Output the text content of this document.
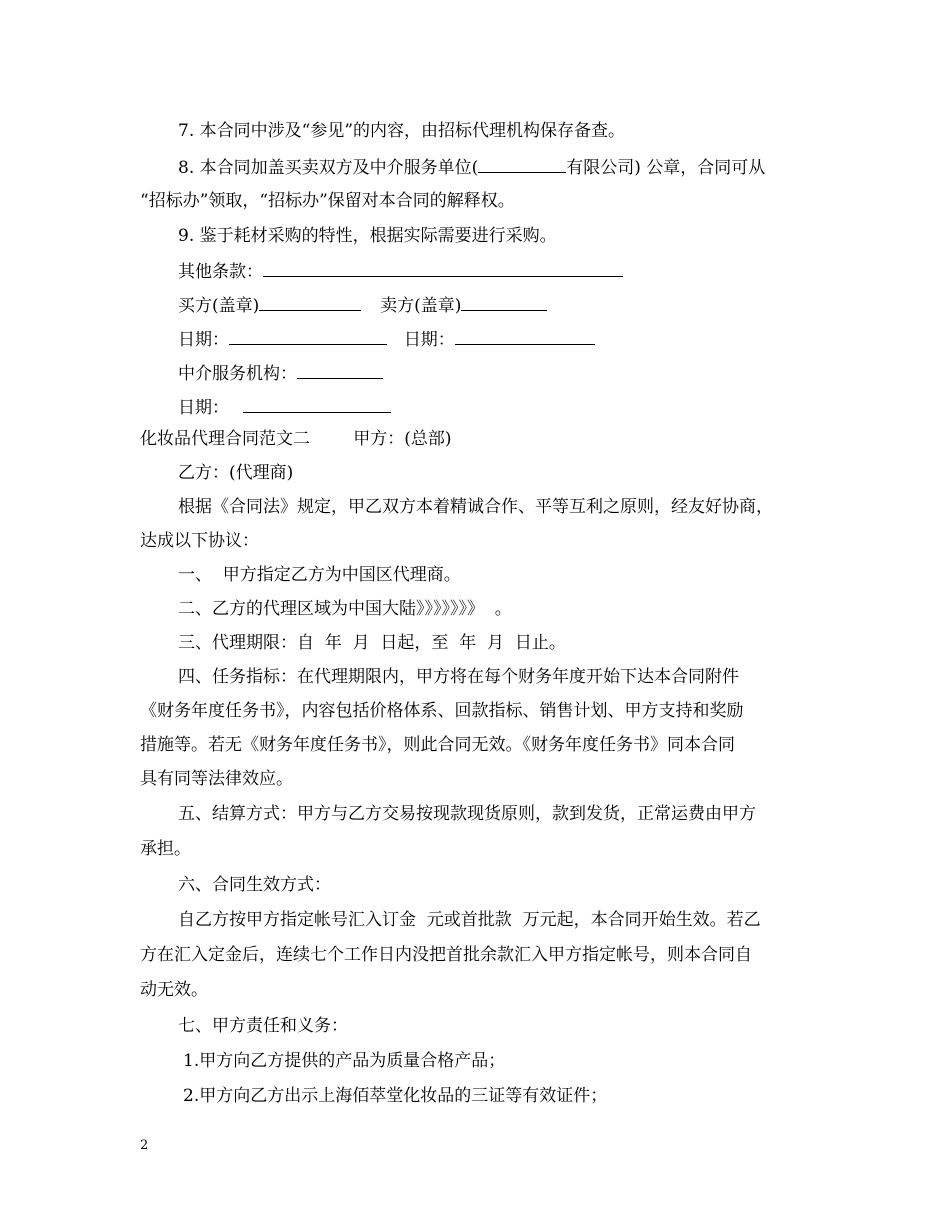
7. 本合同中涉及“参见”的内容，由招标代理机构保存备查。
8. 本合同加盖买卖双方及中介服务单位(	有限公司) 公章，合同可从
“招标办”领取，“招标办”保留对本合同的解释权。
9. 鉴于耗材采购的特性，根据实际需要进行采购。
其他条款：
买方(盖章)	卖方(盖章)
日期：	日期：
中介服务机构：
日期：
化妆品代理合同范文二        甲方：(总部)
乙方：(代理商)
根据《合同法》规定，甲乙双方本着精诚合作、平等互利之原则，经友好协商，
达成以下协议：
一、  甲方指定乙方为中国区代理商。
二、乙方的代理区域为中国大陆》》》》》》》  。
三、代理期限：自  年  月  日起，至  年  月  日止。
四、任务指标：在代理期限内，甲方将在每个财务年度开始下达本合同附件
《财务年度任务书》，内容包括价格体系、回款指标、销售计划、甲方支持和奖励
措施等。若无《财务年度任务书》，则此合同无效。《财务年度任务书》同本合同
具有同等法律效应。
五、结算方式：甲方与乙方交易按现款现货原则，款到发货，正常运费由甲方
承担。
六、合同生效方式：
自乙方按甲方指定帐号汇入订金  元或首批款  万元起，本合同开始生效。若乙
方在汇入定金后，连续七个工作日内没把首批余款汇入甲方指定帐号，则本合同自
动无效。
七、甲方责任和义务：
1.甲方向乙方提供的产品为质量合格产品；
2.甲方向乙方出示上海佰萃堂化妆品的三证等有效证件；
2
